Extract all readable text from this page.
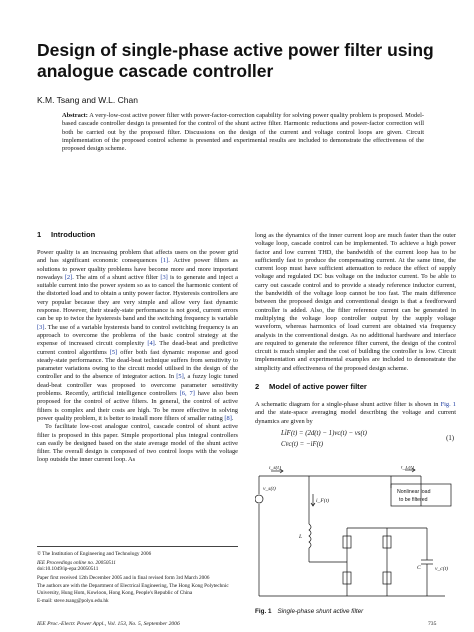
Design of single-phase active power filter using analogue cascade controller
K.M. Tsang and W.L. Chan

Abstract: A very-low-cost active power filter with power-factor-correction capability for solving power quality problem is proposed. Model-based cascade controller design is presented for the control of the shunt active filter. Harmonic reductions and power-factor correction will both be carried out by the proposed filter. Discussions on the design of the current and voltage control loops are given. Circuit implementation of the proposed control scheme is presented and experimental results are included to demonstrate the effectiveness of the proposed design scheme.

1 Introduction

Power quality is an increasing problem that affects users on the power grid and has significant economic consequences [1]. Active power filters as solutions to power quality problems have become more and more important nowadays [2]. The aim of a shunt active filter [3] is to generate and inject a suitable current into the power system so as to cancel the harmonic content of the distorted load and to obtain a unity power factor. Hysteresis controllers are very popular because they are very simple and allow very fast dynamic response. However, their steady-state performance is not good, current errors can be up to twice the hysteresis band and the switching frequency is variable [3]. The use of a variable hysteresis band to control switching frequency is an approach to overcome the problems of the basic control strategy at the expense of increased circuit complexity [4]. The dead-beat and predictive current control algorithms [5] offer both fast dynamic response and good steady-state performance. The dead-beat technique suffers from sensitivity to parameter variations owing to the circuit model utilised in the design of the controller and to the absence of integrator action. In [5], a fuzzy logic tuned dead-beat controller was proposed to overcome parameter sensitivity problems. Recently, artificial intelligence controllers [6, 7] have also been proposed for the control of active filters. In general, the control of active filters is complex and their costs are high. To be more effective in solving power quality problem, it is better to install more filters of smaller rating [8].

To facilitate low-cost analogue control, cascade control of shunt active filter is proposed in this paper. Simple proportional plus integral controllers can easily be designed based on the state average model of the shunt active filter. The overall design is composed of two control loops with the voltage loop outside the inner current loop. As

long as the dynamics of the inner current loop are much faster than the outer voltage loop, cascade control can be implemented. To achieve a high power factor and low current THD, the bandwidth of the current loop has to be sufficiently fast to produce the compensating current. At the same time, the current loop must have sufficient attenuation to reduce the effect of supply voltage and regulated DC bus voltage on the inductor current. To be able to carry out cascade control and to provide a steady reference inductor current, the bandwidth of the voltage loop cannot be too fast. The main difference between the proposed design and conventional design is that a feedforward controller is added. Also, the filter reference current can be generated in multiplying the voltage loop controller output by the supply voltage waveform, whereas harmonics of load current are obtained via frequency analysis in the conventional design. As no additional hardware and interface are required to generate the reference filter current, the design of the control circuit is much simpler and the cost of building the controller is low. Circuit implementation and experimental examples are included to demonstrate the simplicity and effectiveness of the proposed design scheme.

2 Model of active power filter

A schematic diagram for a single-phase shunt active filter is shown in Fig. 1 and the state-space averaging model describing the voltage and current dynamics are given by

Li̇F(t) = (2d(t) − 1)vc(t) − vs(t)
Cv̇c(t) = −iF(t)
(1)

© The Institution of Engineering and Technology 2006

IEE Proceedings online no. 20050511

doi:10.1049/ip-epa:20050511

Paper first received 12th December 2005 and in final revised form 3rd March 2006

The authors are with the Department of Electrical Engineering, The Hong Kong Polytechnic University, Hung Hom, Kowloon, Hong Kong, People's Republic of China

E-mail: steve.tsang@polyu.edu.hk

i_s(t)
v_s(t)
i_F(t)
L
C	v_c(t)
i_L(t)
Nonlinear load
to be filtered
Fig. 1 Single-phase shunt active filter
IEE Proc.-Electr. Power Appl., Vol. 153, No. 5, September 2006	735
